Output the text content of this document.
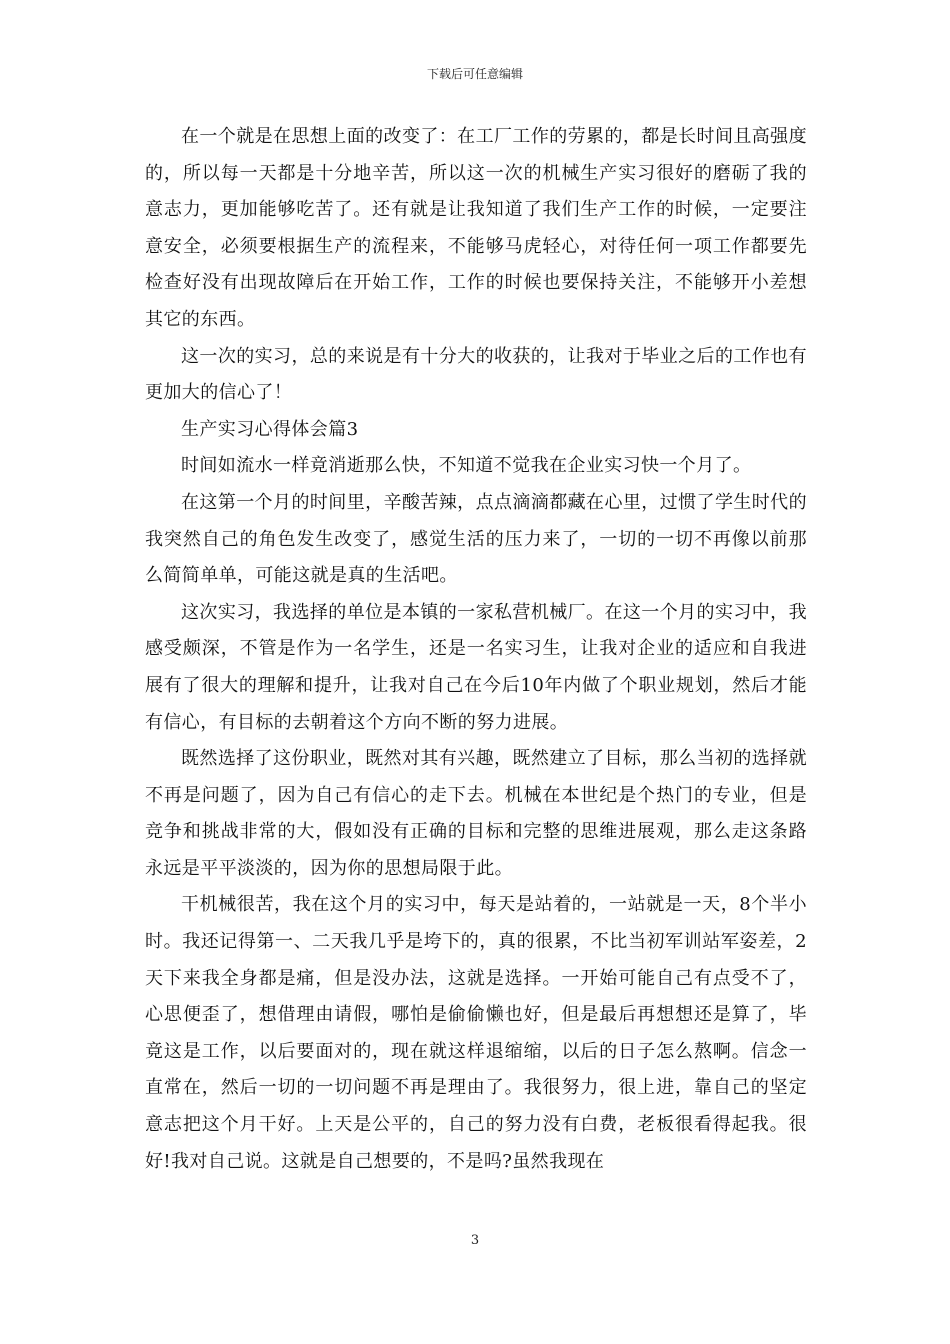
下载后可任意编辑

在一个就是在思想上面的改变了：在工厂工作的劳累的，都是长时间且高强度的，所以每一天都是十分地辛苦，所以这一次的机械生产实习很好的磨砺了我的意志力，更加能够吃苦了。还有就是让我知道了我们生产工作的时候，一定要注意安全，必须要根据生产的流程来，不能够马虎轻心，对待任何一项工作都要先检查好没有出现故障后在开始工作，工作的时候也要保持关注，不能够开小差想其它的东西。

这一次的实习，总的来说是有十分大的收获的，让我对于毕业之后的工作也有更加大的信心了！

生产实习心得体会篇3

时间如流水一样竟消逝那么快，不知道不觉我在企业实习快一个月了。

在这第一个月的时间里，辛酸苦辣，点点滴滴都藏在心里，过惯了学生时代的我突然自己的角色发生改变了，感觉生活的压力来了，一切的一切不再像以前那么简简单单，可能这就是真的生活吧。

这次实习，我选择的单位是本镇的一家私营机械厂。在这一个月的实习中，我感受颇深，不管是作为一名学生，还是一名实习生，让我对企业的适应和自我进展有了很大的理解和提升，让我对自己在今后10年内做了个职业规划，然后才能有信心，有目标的去朝着这个方向不断的努力进展。

既然选择了这份职业，既然对其有兴趣，既然建立了目标，那么当初的选择就不再是问题了，因为自己有信心的走下去。机械在本世纪是个热门的专业，但是竞争和挑战非常的大，假如没有正确的目标和完整的思维进展观，那么走这条路永远是平平淡淡的，因为你的思想局限于此。

干机械很苦，我在这个月的实习中，每天是站着的，一站就是一天，8个半小时。我还记得第一、二天我几乎是垮下的，真的很累，不比当初军训站军姿差，2天下来我全身都是痛，但是没办法，这就是选择。一开始可能自己有点受不了，心思便歪了，想借理由请假，哪怕是偷偷懒也好，但是最后再想想还是算了，毕竟这是工作，以后要面对的，现在就这样退缩缩，以后的日子怎么熬啊。信念一直常在，然后一切的一切问题不再是理由了。我很努力，很上进，靠自己的坚定意志把这个月干好。上天是公平的，自己的努力没有白费，老板很看得起我。很好!我对自己说。这就是自己想要的，不是吗?虽然我现在

3
